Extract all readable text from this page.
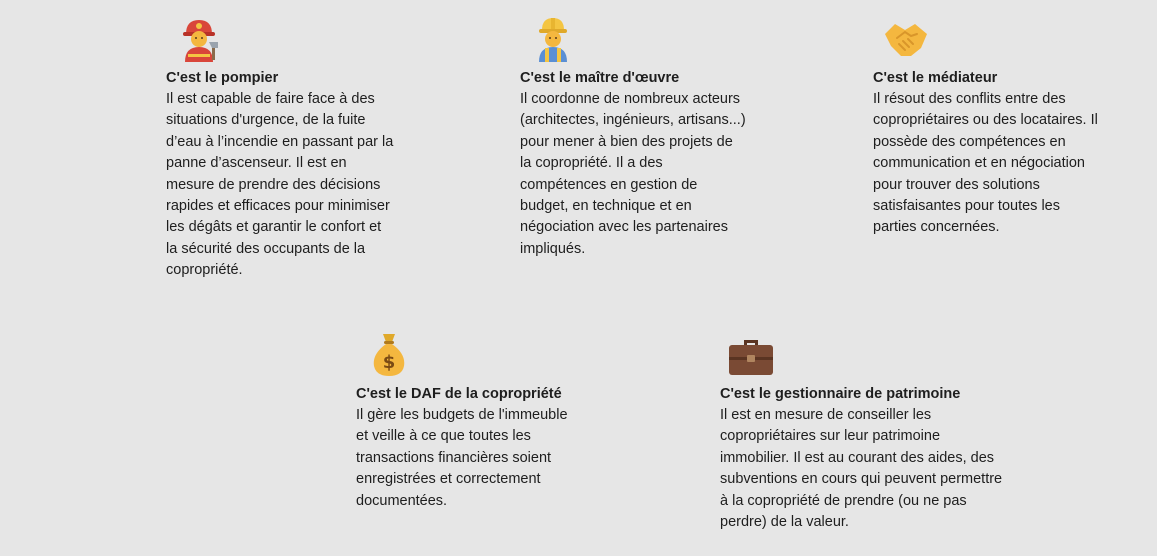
C'est le pompier
Il est capable de faire face à des
situations d'urgence, de la fuite
d’eau à l’incendie en passant par la
panne d’ascenseur. Il est en
mesure de prendre des décisions
rapides et efficaces pour minimiser
les dégâts et garantir le confort et
la sécurité des occupants de la
copropriété.
C'est le maître d'œuvre
Il coordonne de nombreux acteurs
(architectes, ingénieurs, artisans...)
pour mener à bien des projets de
la copropriété. Il a des
compétences en gestion de
budget, en technique et en
négociation avec les partenaires
impliqués.
C'est le médiateur
Il résout des conflits entre des
copropriétaires ou des locataires. Il
possède des compétences en
communication et en négociation
pour trouver des solutions
satisfaisantes pour toutes les
parties concernées.
$
C'est le DAF de la copropriété
Il gère les budgets de l'immeuble
et veille à ce que toutes les
transactions financières soient
enregistrées et correctement
documentées.
C'est le gestionnaire de patrimoine
Il est en mesure de conseiller les
copropriétaires sur leur patrimoine
immobilier. Il est au courant des aides, des
subventions en cours qui peuvent permettre
à la copropriété de prendre (ou ne pas
perdre) de la valeur.
